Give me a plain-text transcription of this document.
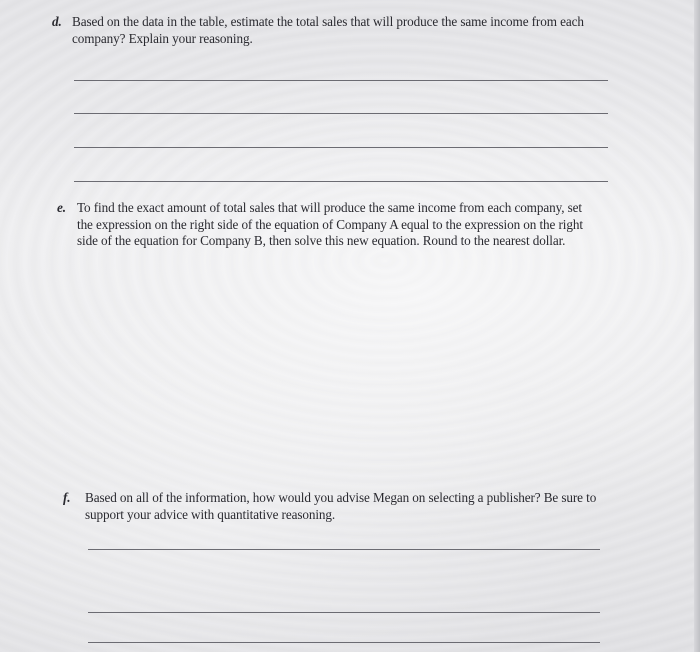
d. Based on the data in the table, estimate the total sales that will produce the same income from each company? Explain your reasoning.
e. To find the exact amount of total sales that will produce the same income from each company, set the expression on the right side of the equation of Company A equal to the expression on the right side of the equation for Company B, then solve this new equation. Round to the nearest dollar.
f. Based on all of the information, how would you advise Megan on selecting a publisher? Be sure to support your advice with quantitative reasoning.
